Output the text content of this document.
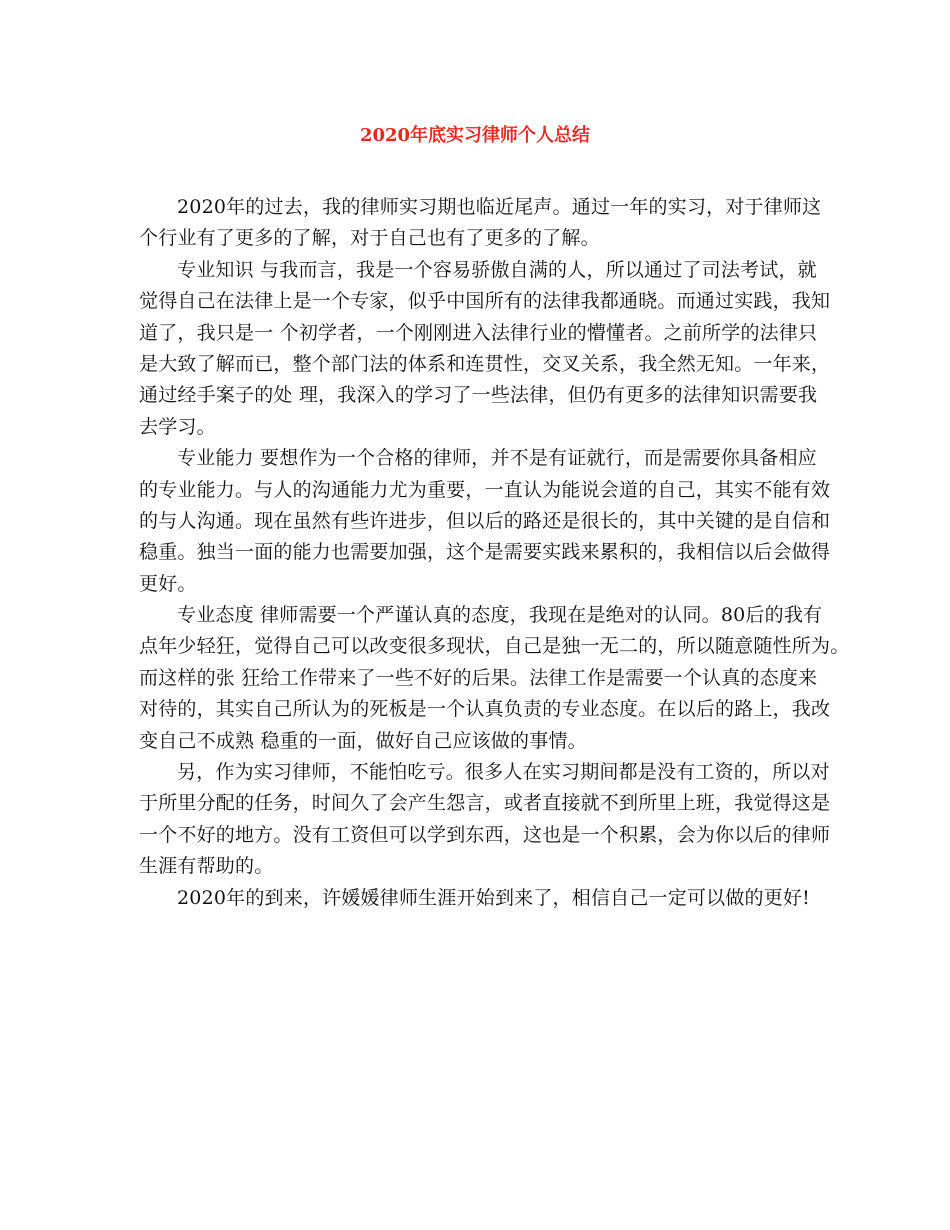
2020年底实习律师个人总结
2020年的过去，我的律师实习期也临近尾声。通过一年的实习，对于律师这
个行业有了更多的了解，对于自己也有了更多的了解。
专业知识 与我而言，我是一个容易骄傲自满的人，所以通过了司法考试，就
觉得自己在法律上是一个专家，似乎中国所有的法律我都通晓。而通过实践，我知
道了，我只是一 个初学者，一个刚刚进入法律行业的懵懂者。之前所学的法律只
是大致了解而已，整个部门法的体系和连贯性，交叉关系，我全然无知。一年来，
通过经手案子的处 理，我深入的学习了一些法律，但仍有更多的法律知识需要我
去学习。
专业能力 要想作为一个合格的律师，并不是有证就行，而是需要你具备相应
的专业能力。与人的沟通能力尤为重要，一直认为能说会道的自己，其实不能有效
的与人沟通。现在虽然有些许进步，但以后的路还是很长的，其中关键的是自信和
稳重。独当一面的能力也需要加强，这个是需要实践来累积的，我相信以后会做得
更好。
专业态度 律师需要一个严谨认真的态度，我现在是绝对的认同。80后的我有
点年少轻狂，觉得自己可以改变很多现状，自己是独一无二的，所以随意随性所为。
而这样的张 狂给工作带来了一些不好的后果。法律工作是需要一个认真的态度来
对待的，其实自己所认为的死板是一个认真负责的专业态度。在以后的路上，我改
变自己不成熟 稳重的一面，做好自己应该做的事情。
另，作为实习律师，不能怕吃亏。很多人在实习期间都是没有工资的，所以对
于所里分配的任务，时间久了会产生怨言，或者直接就不到所里上班，我觉得这是
一个不好的地方。没有工资但可以学到东西，这也是一个积累，会为你以后的律师
生涯有帮助的。
2020年的到来，许媛媛律师生涯开始到来了，相信自己一定可以做的更好!
